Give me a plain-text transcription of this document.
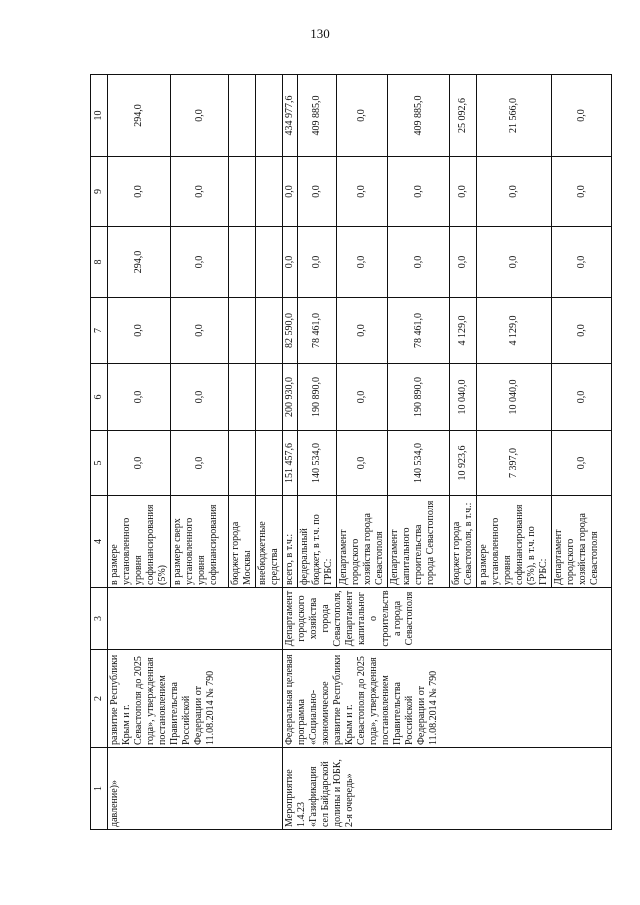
130
1	2	3	4	5	6	7	8	9	10
давление)»	развитие Республики Крым и г. Севастополя до 2025 года», утвержденная постановлением Правительства Российской Федерации от 11.08.2014 № 790		в размере установленного уровня софинансирования (5%)	0,0	0,0	0,0	294,0	0,0	294,0
			в размере сверх установленного уровня софинансирования	0,0	0,0	0,0	0,0	0,0	0,0
			бюджет города Москвы						
			внебюджетные средства						
Мероприятие 1.4.23 «Газификация сел Байдарской долины и ЮБК, 2-я очередь»	Федеральная целевая программа «Социально-экономическое развитие Республики Крым и г. Севастополя до 2025 года», утвержденная постановлением Правительства Российской Федерации от 11.08.2014 № 790	Департамент городского хозяйства города Севастополя, Департамент капитального строительства города Севастополя	всего, в т.ч.:	151 457,6	200 930,0	82 590,0	0,0	0,0	434 977,6
			федеральный бюджет, в т.ч. по ГРБС:	140 534,0	190 890,0	78 461,0	0,0	0,0	409 885,0
			Департамент городского хозяйства города Севастополя	0,0	0,0	0,0	0,0	0,0	0,0
			Департамент капитального строительства города Севастополя	140 534,0	190 890,0	78 461,0	0,0	0,0	409 885,0
			бюджет города Севастополя, в т.ч.:	10 923,6	10 040,0	4 129,0	0,0	0,0	25 092,6
			в размере установленного уровня софинансирования (5%), в т.ч. по ГРБС:	7 397,0	10 040,0	4 129,0	0,0	0,0	21 566,0
			Департамент городского хозяйства города Севастополя	0,0	0,0	0,0	0,0	0,0	0,0
